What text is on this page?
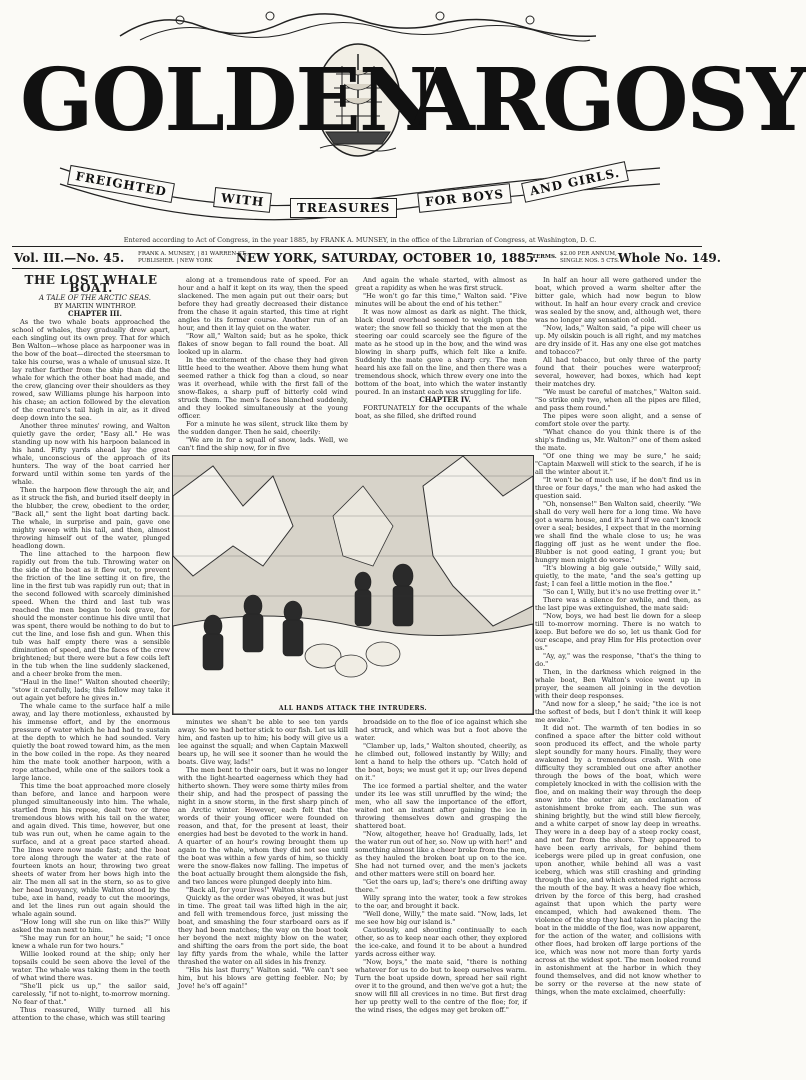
GOLDEN
ARGOSY
FREIGHTED
WITH	TREASURES	FOR BOYS	AND GIRLS.
Entered according to Act of Congress, in the year 1885, by FRANK A. MUNSEY, in the office of the Librarian of Congress, at Washington, D. C.
Vol. III.—No. 45.	FRANK A. MUNSEY, | 81 WARREN ST.,
PUBLISHER. | NEW YORK NEW YORK, SATURDAY, OCTOBER 10, 1885.
TERMS. $2.00 PER ANNUM,
SINGLE NOS. 5 CTS.
Whole No. 149.
THE LOST WHALE BOAT.

A TALE OF THE ARCTIC SEAS.

BY MARTIN WINTHROP.

CHAPTER III.

As the two whale boats approached the school of whales, they gradually drew apart, each singling out its own prey. That for which Ben Walton—whose place as harpooner was in the bow of the boat—directed the steersman to take his course, was a whale of unusual size. It lay rather farther from the ship than did the whale for which the other boat had made, and the crew, glancing over their shoulders as they rowed, saw Williams plunge his harpoon into his chase; an action followed by the elevation of the creature's tail high in air, as it dived deep down into the sea.

Another three minutes' rowing, and Walton quietly gave the order, "Easy all." He was standing up now with his harpoon balanced in his hand. Fifty yards ahead lay the great whale, unconscious of the approach of its hunters. The way of the boat carried her forward until within some ten yards of the whale.

Then the harpoon flew through the air, and as it struck the fish, and buried itself deeply in the blubber, the crew, obedient to the order, "Back all," sent the light boat darting back. The whale, in surprise and pain, gave one mighty sweep with his tail, and then, almost throwing himself out of the water, plunged headlong down.

The line attached to the harpoon flew rapidly out from the tub. Throwing water on the side of the boat as it flew out, to prevent the friction of the line setting it on fire, the line in the first tub was rapidly run out; that in the second followed with scarcely diminished speed. When the third and last tub was reached the men began to look grave, for should the monster continue his dive until that was spent, there would be nothing to do but to cut the line, and lose fish and gun. When this tub was half empty there was a sensible diminution of speed, and the faces of the crew brightened; but there were but a few coils left in the tub when the line suddenly slackened, and a cheer broke from the men.

"Haul in the line!" Walton shouted cheerily; "stow it carefully, lads; this fellow may take it out again yet before he gives in."

The whale came to the surface half a mile away, and lay there motionless, exhausted by his immense effort, and by the enormous pressure of water which he had had to sustain at the depth to which he had sounded. Very quietly the boat rowed toward him, as the men in the bow coiled in the rope. As they neared him the mate took another harpoon, with a rope attached, while one of the sailors took a large lance.

This time the boat approached more closely than before, and lance and harpoon were plunged simultaneously into him. The whale, startled from his repose, dealt two or three tremendous blows with his tail on the water, and again dived. This time, however, but one tub was run out, when he came again to the surface, and at a great pace started ahead. The lines were now made fast; and the boat tore along through the water at the rate of fourteen knots an hour, throwing two great sheets of water from her bows high into the air. The men all sat in the stern, so as to give her head buoyancy, while Walton stood by the tube, axe in hand, ready to cut the moorings, and let the lines run out again should the whale again sound.

"How long will she run on like this?" Willy asked the man next to him.

"She may run for an hour," he said; "I once knew a whale run for two hours."

Willie looked round at the ship; only her topsails could be seen above the level of the water. The whale was taking them in the teeth of what wind there was.

"She'll pick us up," the sailor said, carelessly, "if not to-night, to-morrow morning. No fear of that."

Thus reassured, Willy turned all his attention to the chase, which was still tearing

along at a tremendous rate of speed. For an hour and a half it kept on its way, then the speed slackened. The men again put out their oars; but before they had greatly decreased their distance from the chase it again started, this time at right angles to its former course. Another run of an hour, and then it lay quiet on the water.

"Row all," Walton said; but as he spoke, thick flakes of snow began to fall round the boat. All looked up in alarm.

In the excitement of the chase they had given little heed to the weather. Above them hung what seemed rather a thick fog than a cloud, so near was it overhead, while with the first fall of the snow-flakes, a sharp puff of bitterly cold wind struck them. The men's faces blanched suddenly, and they looked simultaneously at the young officer.

For a minute he was silent, struck like them by the sudden danger. Then he said, cheerily:

"We are in for a squall of snow, lads. Well, we can't find the ship now, for in five

And again the whale started, with almost as great a rapidity as when he was first struck.

"He won't go far this time," Walton said. "Five minutes will be about the end of his tether."

It was now almost as dark as night. The thick, black cloud overhead seemed to weigh upon the water; the snow fell so thickly that the men at the steering oar could scarcely see the figure of the mate as he stood up in the bow, and the wind was blowing in sharp puffs, which felt like a knife. Suddenly the mate gave a sharp cry. The men heard his axe fall on the line, and then there was a tremendous shock, which threw every one into the bottom of the boat, into which the water instantly poured. In an instant each was struggling for life.

CHAPTER IV.

FORTUNATELY for the occupants of the whale boat, as she filled, she drifted round

In half an hour all were gathered under the boat, which proved a warm shelter after the bitter gale, which had now begun to blow without. In half an hour every crack and crevice was sealed by the snow, and, although wet, there was no longer any sensation of cold.

"Now, lads," Walton said, "a pipe will cheer us up. My oilskin pouch is all right, and my matches are dry inside of it. Has any one else got matches and tobacco?"

All had tobacco, but only three of the party found that their pouches were waterproof; several, however, had boxes, which had kept their matches dry.

"We must be careful of matches," Walton said. "So strike only two, when all the pipes are filled, and pass them round."

The pipes were soon alight, and a sense of comfort stole over the party.

"What chance do you think there is of the ship's finding us, Mr. Walton?" one of them asked the mate.

"Of one thing we may be sure," he said; "Captain Maxwell will stick to the search, if he is all the winter about it."

"It won't be of much use, if he don't find us in three or four days," the man who had asked the question said.

"Oh, nonsense!" Ben Walton said, cheerily. "We shall do very well here for a long time. We have got a warm house, and it's hard if we can't knock over a seal; besides, I expect that in the morning we shall find the whale close to us; he was flagging off just as he went under the floe. Blubber is not good eating, I grant you; but hungry men might do worse."

"It's blowing a big gale outside," Willy said, quietly, to the mate, "and the sea's getting up fast; I can feel a little motion in the floe."

"So can I, Willy, but it's no use fretting over it."

There was a silence for awhile, and then, as the last pipe was extinguished, the mate said:

"Now, boys, we had best lie down for a sleep till to-morrow morning. There is no watch to keep. But before we do so, let us thank God for our escape, and pray Him for His protection over us."

"Ay, ay," was the response, "that's the thing to do."

Then, in the darkness which reigned in the whale boat, Ben Walton's voice went up in prayer, the seamen all joining in the devotion with their deep responses.

"And now for a sleep," he said; "the ice is not the softest of beds, but I don't think it will keep me awake."

It did not. The warmth of ten bodies in so confined a space after the bitter cold without soon produced its effect, and the whole party slept soundly for many hours. Finally, they were awakened by a tremendous crash. With one difficulty they scrambled out one after another through the bows of the boat, which were completely knocked in with the collision with the floe, and on making their way through the deep snow into the outer air, an exclamation of astonishment broke from each. The sun was shining brightly, but the wind still blew fiercely, and a white carpet of snow lay deep in wreaths. They were in a deep bay of a steep rocky coast, and not far from the shore. They appeared to have been early arrivals, for behind them icebergs were piled up in great confusion, one upon another, while behind all was a vast iceberg, which was still crashing and grinding through the ice, and which extended right across the mouth of the bay. It was a heavy floe which, driven by the force of this berg, had crashed against that upon which the party were encamped, which had awakened them. The violence of the stop they had taken in placing the boat in the middle of the floe, was now apparent, for the action of the water, and collisions with other floes, had broken off large portions of the ice, which was now not more than forty yards across at the widest spot. The men looked round in astonishment at the harbor in which they found themselves, and did not know whether to be sorry or the reverse at the new state of things, when the mate exclaimed, cheerfully:

ALL HANDS ATTACK THE INTRUDERS.

minutes we shan't be able to see ten yards away. So we had better stick to our fish. Let us kill him, and fasten up to him; his body will give us a lee against the squall; and when Captain Maxwell bears up, he will see it sooner than he would the boats. Give way, lads!"

The men bent to their oars, but it was no longer with the light-hearted eagerness which they had hitherto shown. They were some thirty miles from their ship, and had the prospect of passing the night in a snow storm, in the first sharp pinch of an Arctic winter. However, each felt that the words of their young officer were founded on reason, and that, for the present at least, their energies had best be devoted to the work in hand. A quarter of an hour's rowing brought them up again to the whale, whom they did not see until the boat was within a few yards of him, so thickly were the snow-flakes now falling. The impetus of the boat actually brought them alongside the fish, and two lances were plunged deeply into him.

"Back all, for your lives!" Walton shouted.

Quickly as the order was obeyed, it was but just in time. The great tail was lifted high in the air, and fell with tremendous force, just missing the boat, and smashing the four starboard oars as if they had been matches; the way on the boat took her beyond the next mighty blow on the water, and shifting the oars from the port side, the boat lay fifty yards from the whale, while the latter thrashed the water on all sides in his frenzy.

"His his last flurry," Walton said. "We can't see him, but his blows are getting feebler. No; by Jove! he's off again!"

broadside on to the floe of ice against which she had struck, and which was but a foot above the water.

"Clamber up, lads," Walton shouted, cheerily, as he climbed out, followed instantly by Willy; and lent a hand to help the others up. "Catch hold of the boat, boys; we must get it up; our lives depend on it."

The ice formed a partial shelter, and the water under its lee was still unruffled by the wind; the men, who all saw the importance of the effort, waited not an instant after gaining the ice in throwing themselves down and grasping the shattered boat.

"Now, altogether, heave ho! Gradually, lads, let the water run out of her, so. Now up with her!" and something almost like a cheer broke from the men, as they hauled the broken boat up on to the ice. She had not turned over, and the men's jackets and other matters were still on board her.

"Get the oars up, lad's; there's one drifting away there."

Willy sprang into the water, took a few strokes to the oar, and brought it back.

"Well done, Willy," the mate said. "Now, lads, let me see how big our island is."

Cautiously, and shouting continually to each other, so as to keep near each other, they explored the ice-cake, and found it to be about a hundred yards across either way.

"Now, boys," the mate said, "there is nothing whatever for us to do but to keep ourselves warm. Turn the boat upside down, spread her sail right over it to the ground, and then we've got a hut; the snow will fill all crevices in no time. But first drag her up pretty well to the centre of the floe; for, if the wind rises, the edges may get broken off."
